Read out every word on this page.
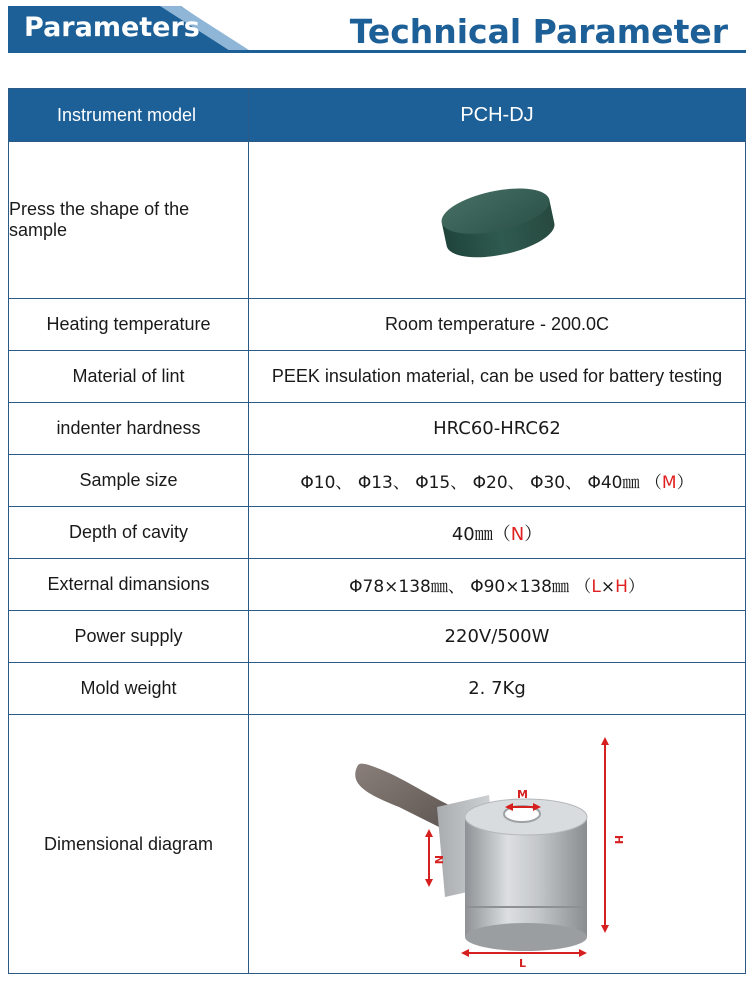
Parameters	Technical Parameter
Instrument model	PCH-DJ

Press the shape of the
sample

Heating temperature	Room temperature - 200.0C
Material of lint	PEEK insulation material, can be used for battery testing
indenter hardness	HRC60-HRC62
Sample size	Φ10、 Φ13、 Φ15、 Φ20、 Φ30、 Φ40㎜ （M）
Depth of cavity	40㎜（N）
External dimansions	Φ78×138㎜、 Φ90×138㎜ （L×H）
Power supply	220V/500W
Mold weight	2. 7Kg
Dimensional diagram	H
L
M
N
